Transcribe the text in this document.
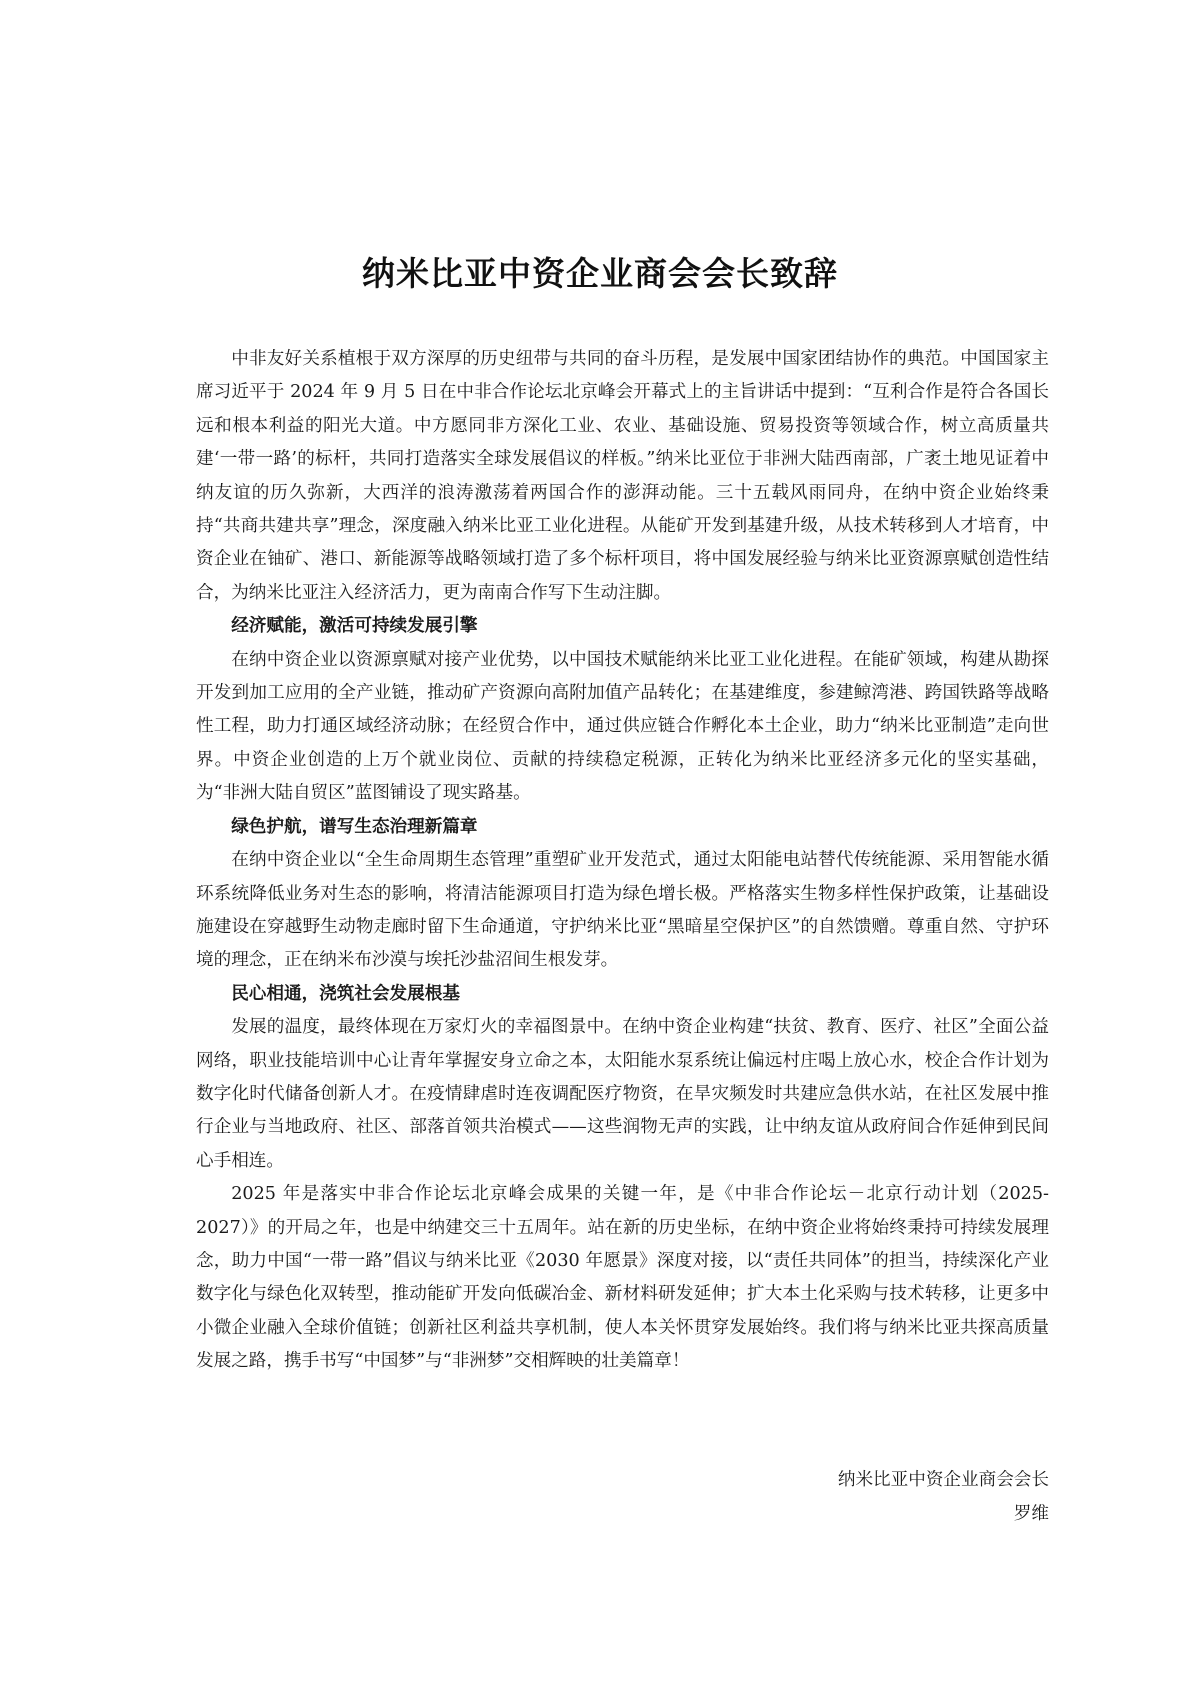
纳米比亚中资企业商会会长致辞

中非友好关系植根于双方深厚的历史纽带与共同的奋斗历程，是发展中国家团结协作的典范。中国国家主席习近平于 2024 年 9 月 5 日在中非合作论坛北京峰会开幕式上的主旨讲话中提到：“互利合作是符合各国长远和根本利益的阳光大道。中方愿同非方深化工业、农业、基础设施、贸易投资等领域合作，树立高质量共建‘一带一路’的标杆，共同打造落实全球发展倡议的样板。”纳米比亚位于非洲大陆西南部，广袤土地见证着中纳友谊的历久弥新，大西洋的浪涛激荡着两国合作的澎湃动能。三十五载风雨同舟，在纳中资企业始终秉持“共商共建共享”理念，深度融入纳米比亚工业化进程。从能矿开发到基建升级，从技术转移到人才培育，中资企业在铀矿、港口、新能源等战略领域打造了多个标杆项目，将中国发展经验与纳米比亚资源禀赋创造性结合，为纳米比亚注入经济活力，更为南南合作写下生动注脚。

经济赋能，激活可持续发展引擎

在纳中资企业以资源禀赋对接产业优势，以中国技术赋能纳米比亚工业化进程。在能矿领域，构建从勘探开发到加工应用的全产业链，推动矿产资源向高附加值产品转化；在基建维度，参建鲸湾港、跨国铁路等战略性工程，助力打通区域经济动脉；在经贸合作中，通过供应链合作孵化本土企业，助力“纳米比亚制造”走向世界。中资企业创造的上万个就业岗位、贡献的持续稳定税源，正转化为纳米比亚经济多元化的坚实基础，为“非洲大陆自贸区”蓝图铺设了现实路基。

绿色护航，谱写生态治理新篇章

在纳中资企业以“全生命周期生态管理”重塑矿业开发范式，通过太阳能电站替代传统能源、采用智能水循环系统降低业务对生态的影响，将清洁能源项目打造为绿色增长极。严格落实生物多样性保护政策，让基础设施建设在穿越野生动物走廊时留下生命通道，守护纳米比亚“黑暗星空保护区”的自然馈赠。尊重自然、守护环境的理念，正在纳米布沙漠与埃托沙盐沼间生根发芽。

民心相通，浇筑社会发展根基

发展的温度，最终体现在万家灯火的幸福图景中。在纳中资企业构建“扶贫、教育、医疗、社区”全面公益网络，职业技能培训中心让青年掌握安身立命之本，太阳能水泵系统让偏远村庄喝上放心水，校企合作计划为数字化时代储备创新人才。在疫情肆虐时连夜调配医疗物资，在旱灾频发时共建应急供水站，在社区发展中推行企业与当地政府、社区、部落首领共治模式——这些润物无声的实践，让中纳友谊从政府间合作延伸到民间心手相连。

2025 年是落实中非合作论坛北京峰会成果的关键一年，是《中非合作论坛－北京行动计划（2025-2027）》的开局之年，也是中纳建交三十五周年。站在新的历史坐标，在纳中资企业将始终秉持可持续发展理念，助力中国“一带一路”倡议与纳米比亚《2030 年愿景》深度对接，以“责任共同体”的担当，持续深化产业数字化与绿色化双转型，推动能矿开发向低碳冶金、新材料研发延伸；扩大本土化采购与技术转移，让更多中小微企业融入全球价值链；创新社区利益共享机制，使人本关怀贯穿发展始终。我们将与纳米比亚共探高质量发展之路，携手书写“中国梦”与“非洲梦”交相辉映的壮美篇章！

纳米比亚中资企业商会会长
罗维
